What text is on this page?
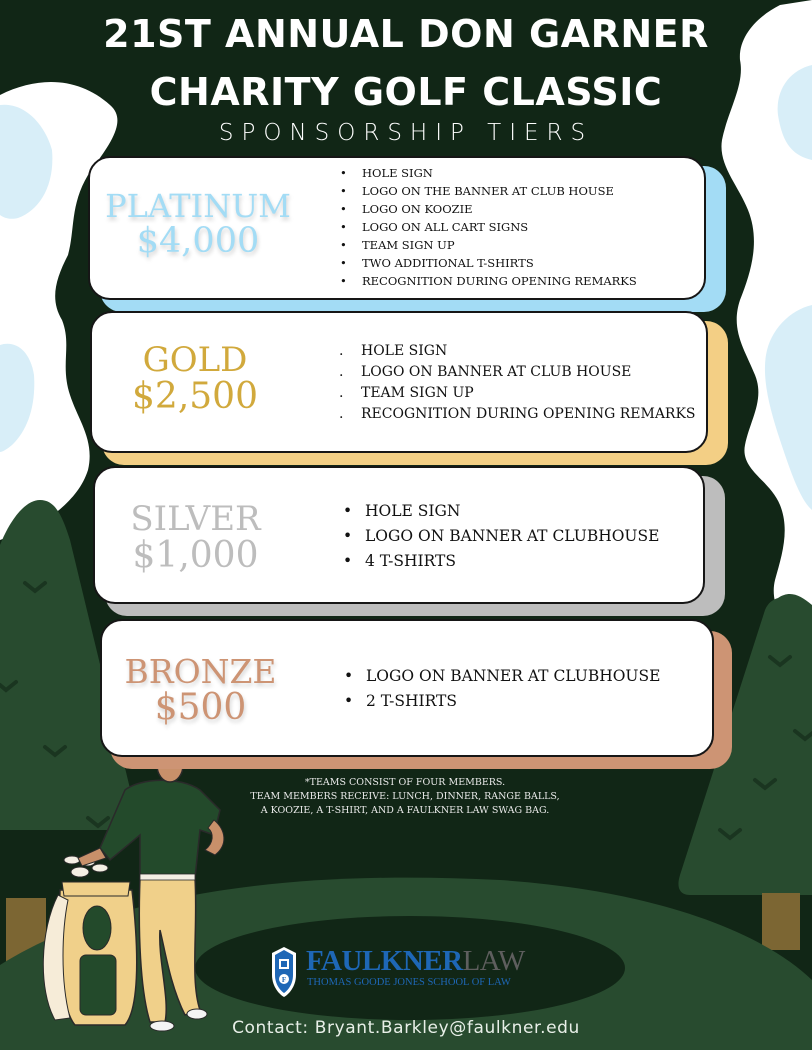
F
21ST ANNUAL DON GARNER
CHARITY GOLF CLASSIC
SPONSORSHIP TIERS
PLATINUM
$4,000
• HOLE SIGN
• LOGO ON THE BANNER AT CLUB HOUSE
• LOGO ON KOOZIE
• LOGO ON ALL CART SIGNS
• TEAM SIGN UP
• TWO ADDITIONAL T-SHIRTS
• RECOGNITION DURING OPENING REMARKS
GOLD
$2,500
. HOLE SIGN
. LOGO ON BANNER AT CLUB HOUSE
. TEAM SIGN UP
. RECOGNITION DURING OPENING REMARKS
SILVER
$1,000
• HOLE SIGN
• LOGO ON BANNER AT CLUBHOUSE
• 4 T-SHIRTS
BRONZE
$500
• LOGO ON BANNER AT CLUBHOUSE
• 2 T-SHIRTS
*TEAMS CONSIST OF FOUR MEMBERS.
TEAM MEMBERS RECEIVE: LUNCH, DINNER, RANGE BALLS,
A KOOZIE, A T-SHIRT, AND A FAULKNER LAW SWAG BAG.
FAULKNERLAW
THOMAS GOODE JONES SCHOOL OF LAW
Contact: Bryant.Barkley@faulkner.edu
